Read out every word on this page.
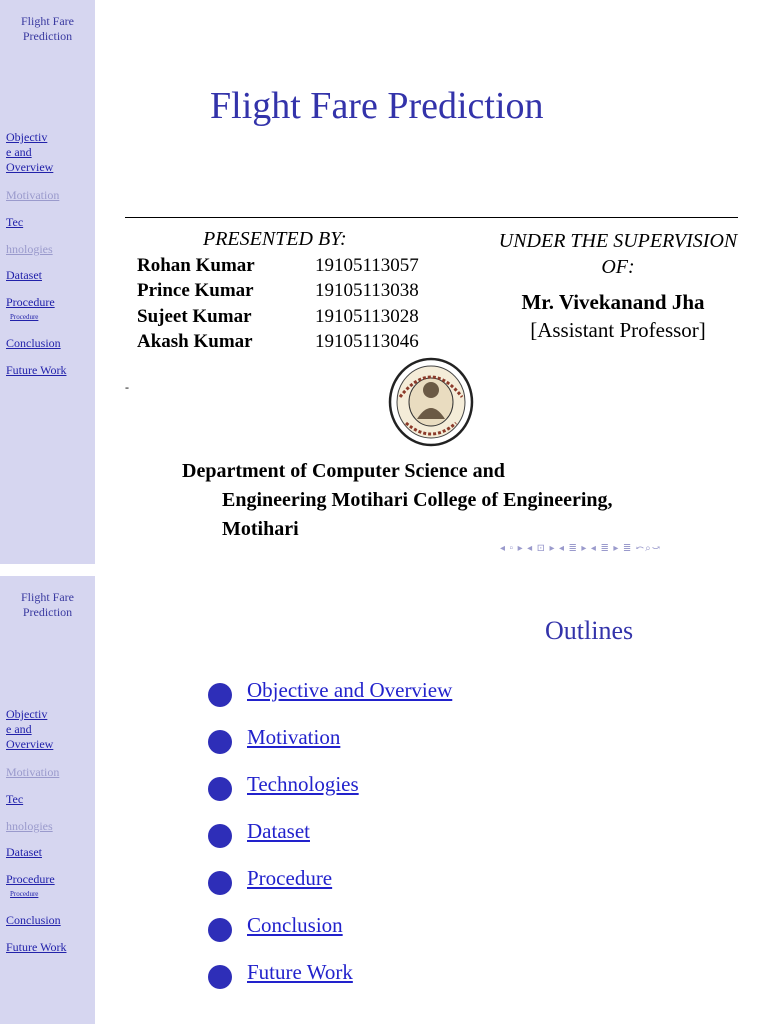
Flight Fare
Prediction
Objectiv
e and
Overview
Motivation
Tec
hnologies
Dataset
Procedure
Procedure
Conclusion
Future Work
Flight Fare Prediction
PRESENTED BY:
Rohan Kumar	19105113057
Prince Kumar	19105113038
Sujeet Kumar	19105113028
Akash Kumar	19105113046
UNDER THE SUPERVISION
OF:
Mr. Vivekanand Jha
[Assistant Professor]
-
Department of Computer Science and
Engineering Motihari College of Engineering,
Motihari
◂ ▫ ▸ ◂ ⊡ ▸ ◂ ≣ ▸ ◂ ≣ ▸ ≣ ⤺⌕⤻
Flight Fare
Prediction
Objectiv
e and
Overview
Motivation
Tec
hnologies
Dataset
Procedure
Procedure
Conclusion
Future Work
Outlines
Objective and Overview
Motivation
Technologies
Dataset
Procedure
Conclusion
Future Work
